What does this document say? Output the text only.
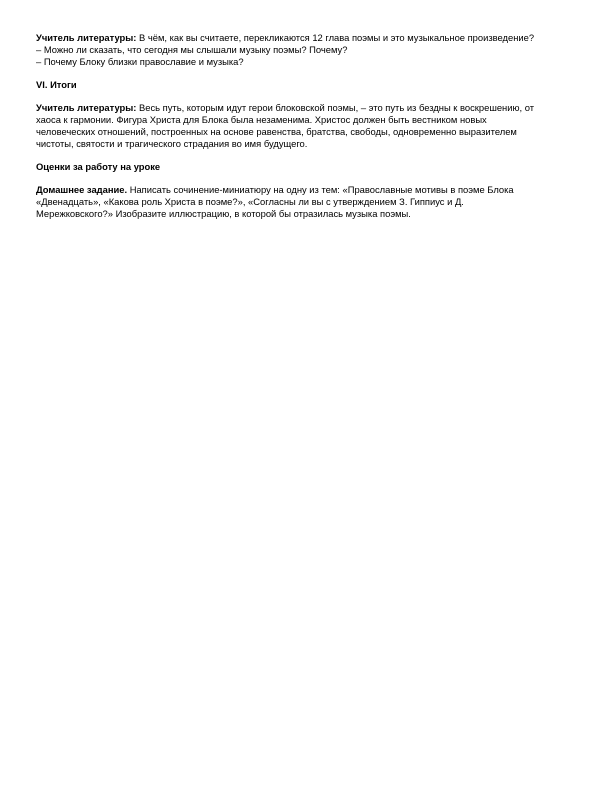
Учитель литературы: В чём, как вы считаете, перекликаются 12 глава поэмы и это музыкальное произведение?
– Можно ли сказать, что сегодня мы слышали музыку поэмы? Почему?
– Почему Блоку близки православие и музыка?

VI. Итоги

Учитель литературы: Весь путь, которым идут герои блоковской поэмы, – это путь из бездны к воскрешению, от
хаоса к гармонии. Фигура Христа для Блока была незаменима. Христос должен быть вестником новых
человеческих отношений, построенных на основе равенства, братства, свободы, одновременно выразителем
чистоты, святости и трагического страдания во имя будущего.

Оценки за работу на уроке

Домашнее задание. Написать сочинение-миниатюру на одну из тем: «Православные мотивы в поэме Блока
«Двенадцать», «Какова роль Христа в поэме?», «Согласны ли вы с утверждением З. Гиппиус и Д.
Мережковского?» Изобразите иллюстрацию, в которой бы отразилась музыка поэмы.
